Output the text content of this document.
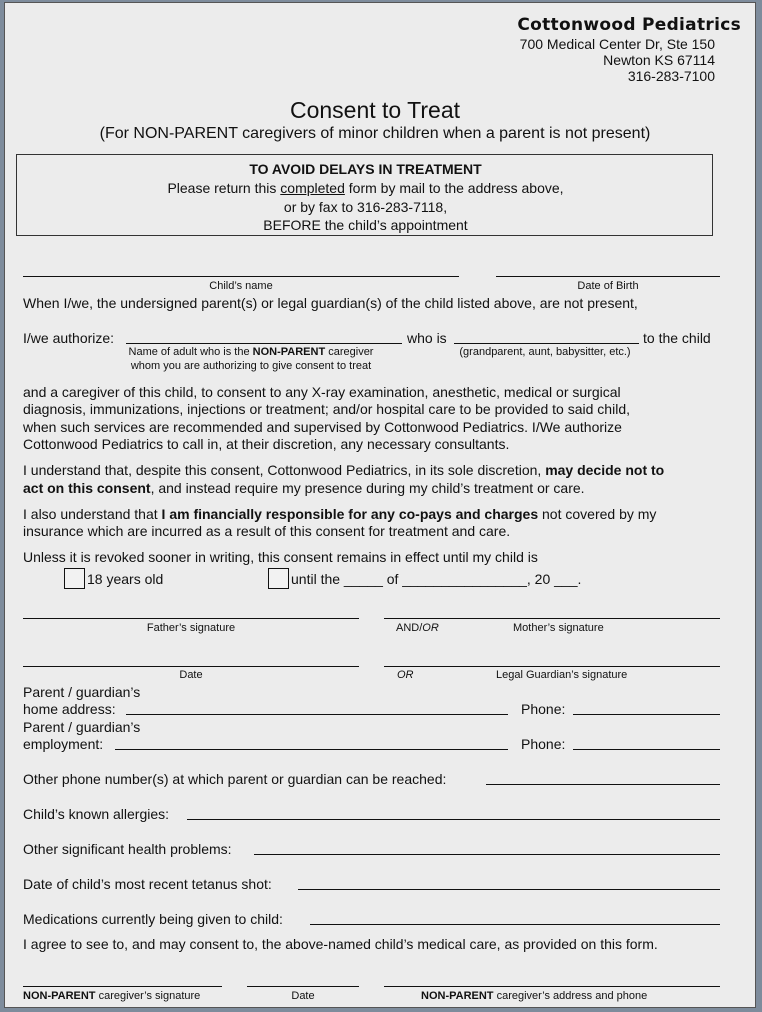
Cottonwood Pediatrics
700 Medical Center Dr, Ste 150
Newton KS 67114
316-283-7100
Consent to Treat
(For NON-PARENT caregivers of minor children when a parent is not present)
TO AVOID DELAYS IN TREATMENT
Please return this completed form by mail to the address above,
or by fax to 316-283-7118,
BEFORE the child’s appointment
Child’s name	Date of Birth
When I/we, the undersigned parent(s) or legal guardian(s) of the child listed above, are not present,
I/we authorize:	who is	to the child
Name of adult who is the NON-PARENT caregiver
whom you are authorizing to give consent to treat
(grandparent, aunt, babysitter, etc.)
and a caregiver of this child, to consent to any X-ray examination, anesthetic, medical or surgical
diagnosis, immunizations, injections or treatment; and/or hospital care to be provided to said child,
when such services are recommended and supervised by Cottonwood Pediatrics. I/We authorize
Cottonwood Pediatrics to call in, at their discretion, any necessary consultants.
I understand that, despite this consent, Cottonwood Pediatrics, in its sole discretion, may decide not to
act on this consent, and instead require my presence during my child’s treatment or care.
I also understand that I am financially responsible for any co-pays and charges not covered by my
insurance which are incurred as a result of this consent for treatment and care.
Unless it is revoked sooner in writing, this consent remains in effect until my child is
18 years old	until the _____ of ________________, 20 ___.
Father’s signature	AND/OR	Mother’s signature
Date	OR	Legal Guardian’s signature
Parent / guardian’s
home address:	Phone:
Parent / guardian’s
employment:	Phone:
Other phone number(s) at which parent or guardian can be reached:
Child’s known allergies:
Other significant health problems:
Date of child’s most recent tetanus shot:
Medications currently being given to child:
I agree to see to, and may consent to, the above-named child’s medical care, as provided on this form.
NON-PARENT caregiver’s signature	Date	NON-PARENT caregiver’s address and phone
